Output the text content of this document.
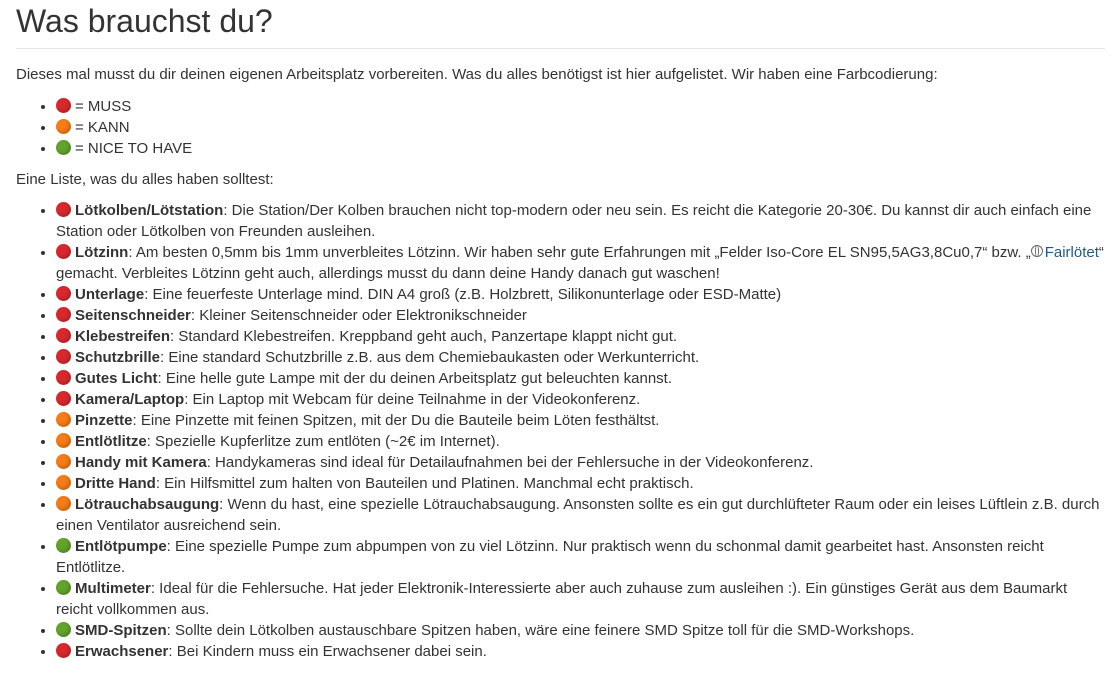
Was brauchst du?

Dieses mal musst du dir deinen eigenen Arbeitsplatz vorbereiten. Was du alles benötigst ist hier aufgelistet. Wir haben eine Farbcodierung:

• = MUSS
• = KANN
• = NICE TO HAVE

Eine Liste, was du alles haben solltest:

• Lötkolben/Lötstation: Die Station/Der Kolben brauchen nicht top-modern oder neu sein. Es reicht die Kategorie 20-30€. Du kannst dir auch einfach eine Station oder Lötkolben von Freunden ausleihen.
• Lötzinn: Am besten 0,5mm bis 1mm unverbleites Lötzinn. Wir haben sehr gute Erfahrungen mit „Felder Iso-Core EL SN95,5AG3,8Cu0,7“ bzw. „ Fairlötet“ gemacht. Verbleites Lötzinn geht auch, allerdings musst du dann deine Handy danach gut waschen!
• Unterlage: Eine feuerfeste Unterlage mind. DIN A4 groß (z.B. Holzbrett, Silikonunterlage oder ESD-Matte)
• Seitenschneider: Kleiner Seitenschneider oder Elektronikschneider
• Klebestreifen: Standard Klebestreifen. Kreppband geht auch, Panzertape klappt nicht gut.
• Schutzbrille: Eine standard Schutzbrille z.B. aus dem Chemiebaukasten oder Werkunterricht.
• Gutes Licht: Eine helle gute Lampe mit der du deinen Arbeitsplatz gut beleuchten kannst.
• Kamera/Laptop: Ein Laptop mit Webcam für deine Teilnahme in der Videokonferenz.
• Pinzette: Eine Pinzette mit feinen Spitzen, mit der Du die Bauteile beim Löten festhältst.
• Entlötlitze: Spezielle Kupferlitze zum entlöten (~2€ im Internet).
• Handy mit Kamera: Handykameras sind ideal für Detailaufnahmen bei der Fehlersuche in der Videokonferenz.
• Dritte Hand: Ein Hilfsmittel zum halten von Bauteilen und Platinen. Manchmal echt praktisch.
• Lötrauchabsaugung: Wenn du hast, eine spezielle Lötrauchabsaugung. Ansonsten sollte es ein gut durchlüfteter Raum oder ein leises Lüftlein z.B. durch einen Ventilator ausreichend sein.
• Entlötpumpe: Eine spezielle Pumpe zum abpumpen von zu viel Lötzinn. Nur praktisch wenn du schonmal damit gearbeitet hast. Ansonsten reicht Entlötlitze.
• Multimeter: Ideal für die Fehlersuche. Hat jeder Elektronik-Interessierte aber auch zuhause zum ausleihen :). Ein günstiges Gerät aus dem Baumarkt reicht vollkommen aus.
• SMD-Spitzen: Sollte dein Lötkolben austauschbare Spitzen haben, wäre eine feinere SMD Spitze toll für die SMD-Workshops.
• Erwachsener: Bei Kindern muss ein Erwachsener dabei sein.
